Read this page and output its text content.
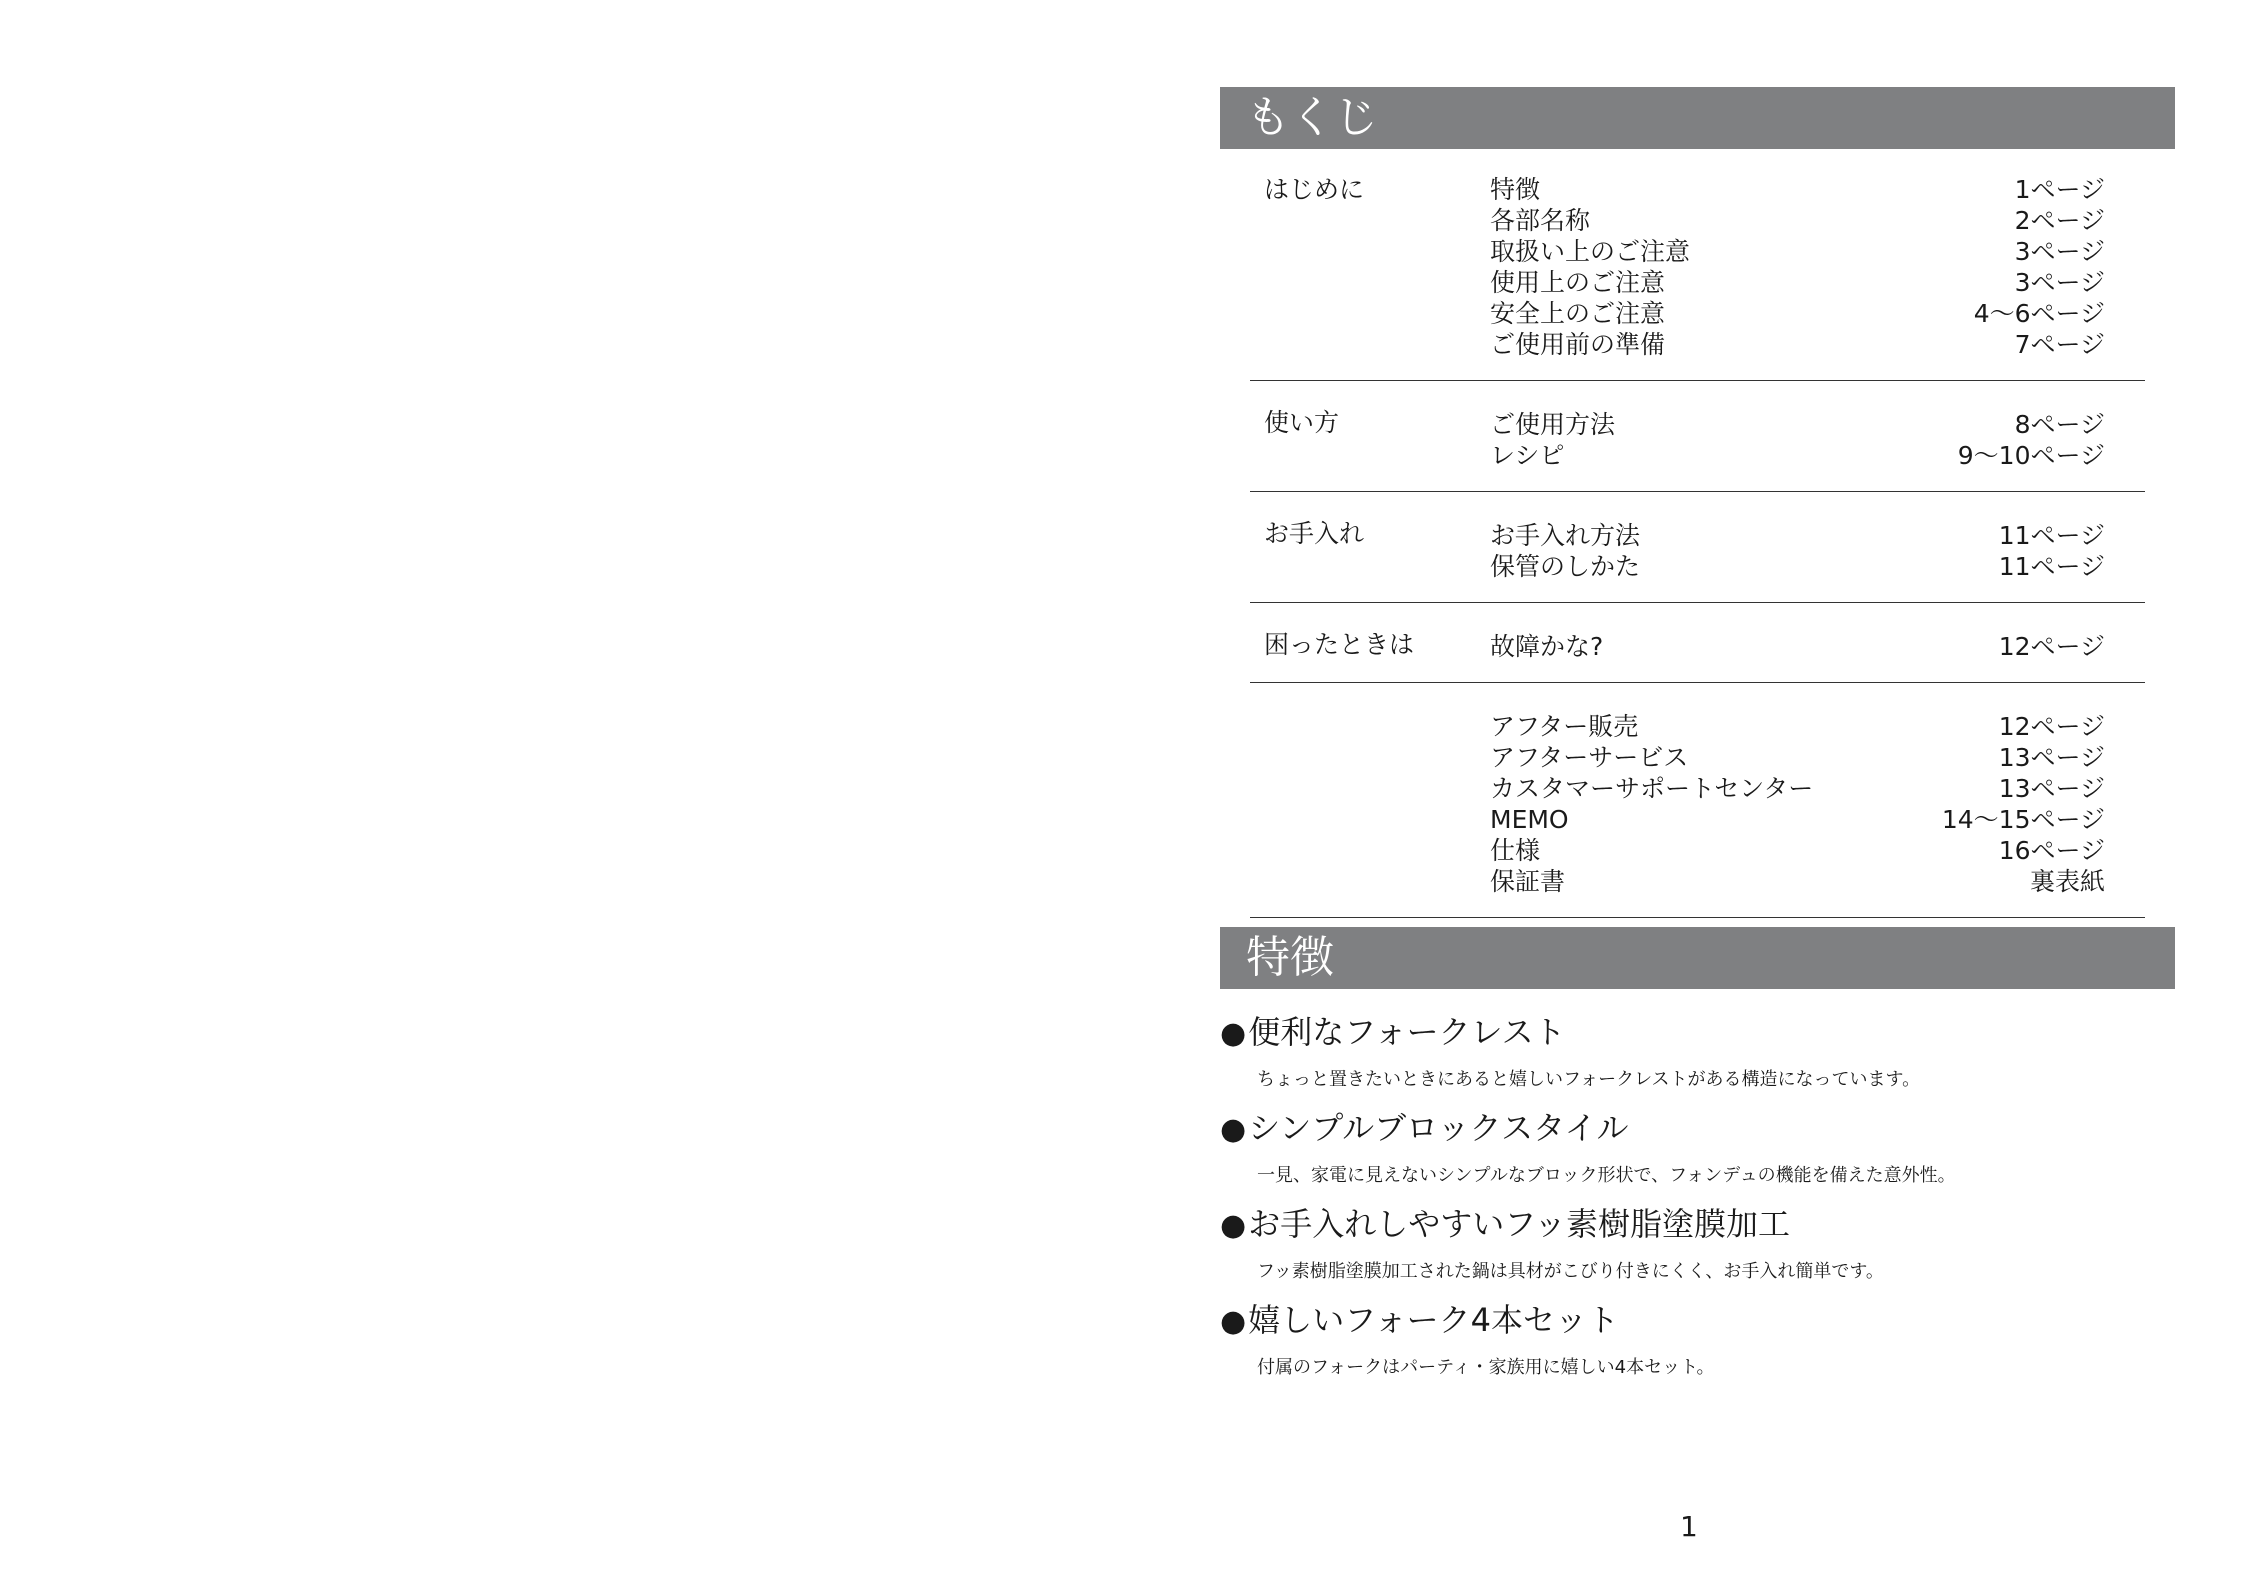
もくじ
はじめに	特徴	1ページ
各部名称	2ページ
取扱い上のご注意	3ページ
使用上のご注意	3ページ
安全上のご注意	4〜6ページ
ご使用前の準備	7ページ
使い方	ご使用方法	8ページ
レシピ	9〜10ページ
お手入れ	お手入れ方法	11ページ
保管のしかた	11ページ
困ったときは	故障かな?	12ページ
アフター販売	12ページ
アフターサービス	13ページ
カスタマーサポートセンター	13ページ
MEMO	14〜15ページ
仕様	16ページ
保証書	裏表紙
特徴
●便利なフォークレスト
ちょっと置きたいときにあると嬉しいフォークレストがある構造になっています。
●シンプルブロックスタイル
一見、家電に見えないシンプルなブロック形状で、フォンデュの機能を備えた意外性。
●お手入れしやすいフッ素樹脂塗膜加工
フッ素樹脂塗膜加工された鍋は具材がこびり付きにくく、お手入れ簡単です。
●嬉しいフォーク4本セット
付属のフォークはパーティ・家族用に嬉しい4本セット。
1
